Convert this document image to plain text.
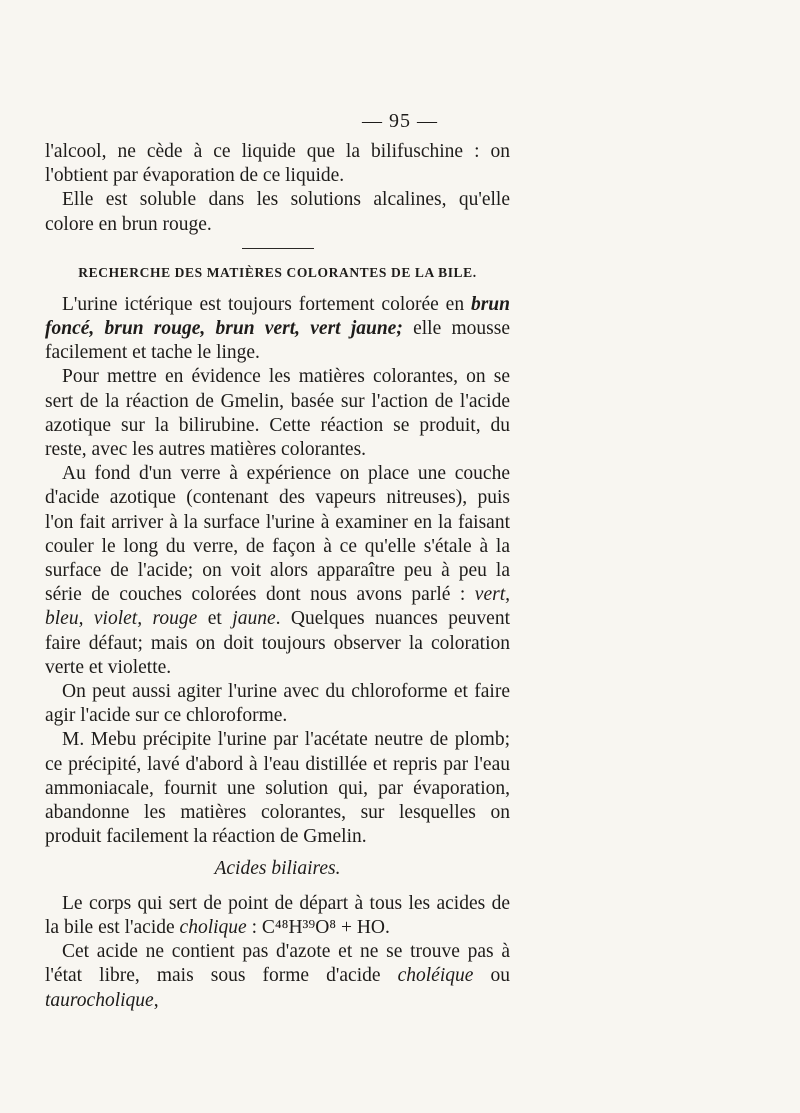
— 95 —

l'alcool, ne cède à ce liquide que la bilifuschine : on l'obtient par évaporation de ce liquide.

Elle est soluble dans les solutions alcalines, qu'elle colore en brun rouge.

RECHERCHE DES MATIÈRES COLORANTES DE LA BILE.

L'urine ictérique est toujours fortement colorée en brun foncé, brun rouge, brun vert, vert jaune; elle mousse facilement et tache le linge.

Pour mettre en évidence les matières colorantes, on se sert de la réaction de Gmelin, basée sur l'action de l'acide azotique sur la bilirubine. Cette réaction se produit, du reste, avec les autres matières colorantes.

Au fond d'un verre à expérience on place une couche d'acide azotique (contenant des vapeurs nitreuses), puis l'on fait arriver à la surface l'urine à examiner en la faisant couler le long du verre, de façon à ce qu'elle s'étale à la surface de l'acide; on voit alors apparaître peu à peu la série de couches colorées dont nous avons parlé : vert, bleu, violet, rouge et jaune. Quelques nuances peuvent faire défaut; mais on doit toujours observer la coloration verte et violette.

On peut aussi agiter l'urine avec du chloroforme et faire agir l'acide sur ce chloroforme.

M. Mebu précipite l'urine par l'acétate neutre de plomb; ce précipité, lavé d'abord à l'eau distillée et repris par l'eau ammoniacale, fournit une solution qui, par évaporation, abandonne les matières colorantes, sur lesquelles on produit facilement la réaction de Gmelin.

Acides biliaires.

Le corps qui sert de point de départ à tous les acides de la bile est l'acide cholique : C⁴⁸H³⁹O⁸ + HO.

Cet acide ne contient pas d'azote et ne se trouve pas à l'état libre, mais sous forme d'acide choléique ou taurocholique,
